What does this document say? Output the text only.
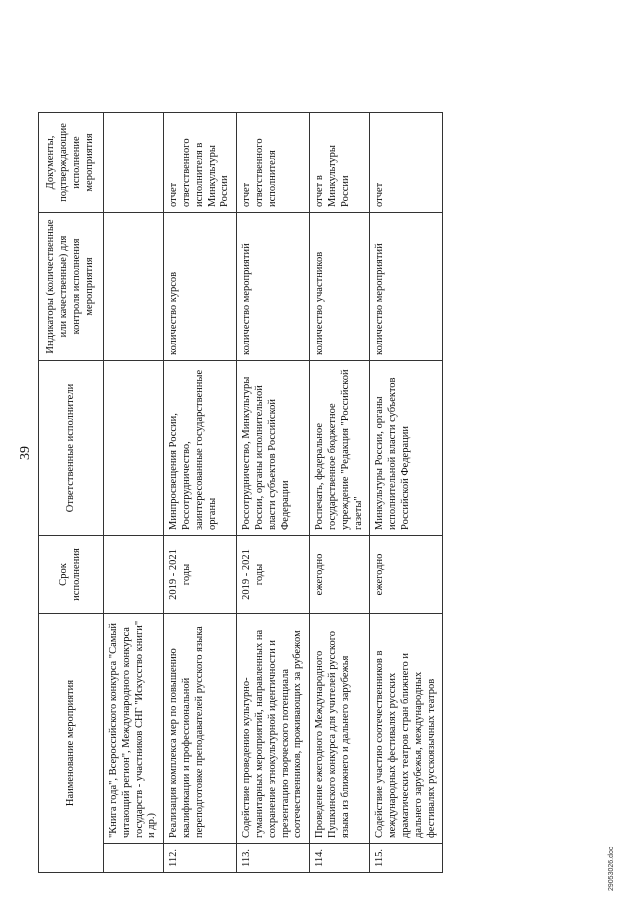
39
Наименование мероприятия		Срок исполнения	Ответственные исполнители	Индикаторы (количественные или качественные) для контроля исполнения мероприятия	Документы, подтверждающие исполнение мероприятия
	"Книга года", Всероссийского конкурса "Самый читающий регион", Международного конкурса государств - участников СНГ "Искусство книги" и др.)				
112.	Реализация комплекса мер по повышению квалификации и профессиональной переподготовке преподавателей русского языка	2019 - 2021 годы	Минпросвещения России, Россотрудничество, заинтересованные государственные органы	количество курсов	отчет ответственного исполнителя в Минкультуры России
113.	Содействие проведению культурно-гуманитарных мероприятий, направленных на сохранение этнокультурной идентичности и презентацию творческого потенциала соотечественников, проживающих за рубежом	2019 - 2021 годы	Россотрудничество, Минкультуры России, органы исполнительной власти субъектов Российской Федерации	количество мероприятий	отчет ответственного исполнителя
114.	Проведение ежегодного Международного Пушкинского конкурса для учителей русского языка из ближнего и дальнего зарубежья	ежегодно	Роспечать, федеральное государственное бюджетное учреждение "Редакция "Российской газеты"	количество участников	отчет в Минкультуры России
115.	Содействие участию соотечественников в международных фестивалях русских драматических театров стран ближнего и дальнего зарубежья, международных фестивалях русскоязычных театров	ежегодно	Минкультуры России, органы исполнительной власти субъектов Российской Федерации	количество мероприятий	отчет
29053026.doc
